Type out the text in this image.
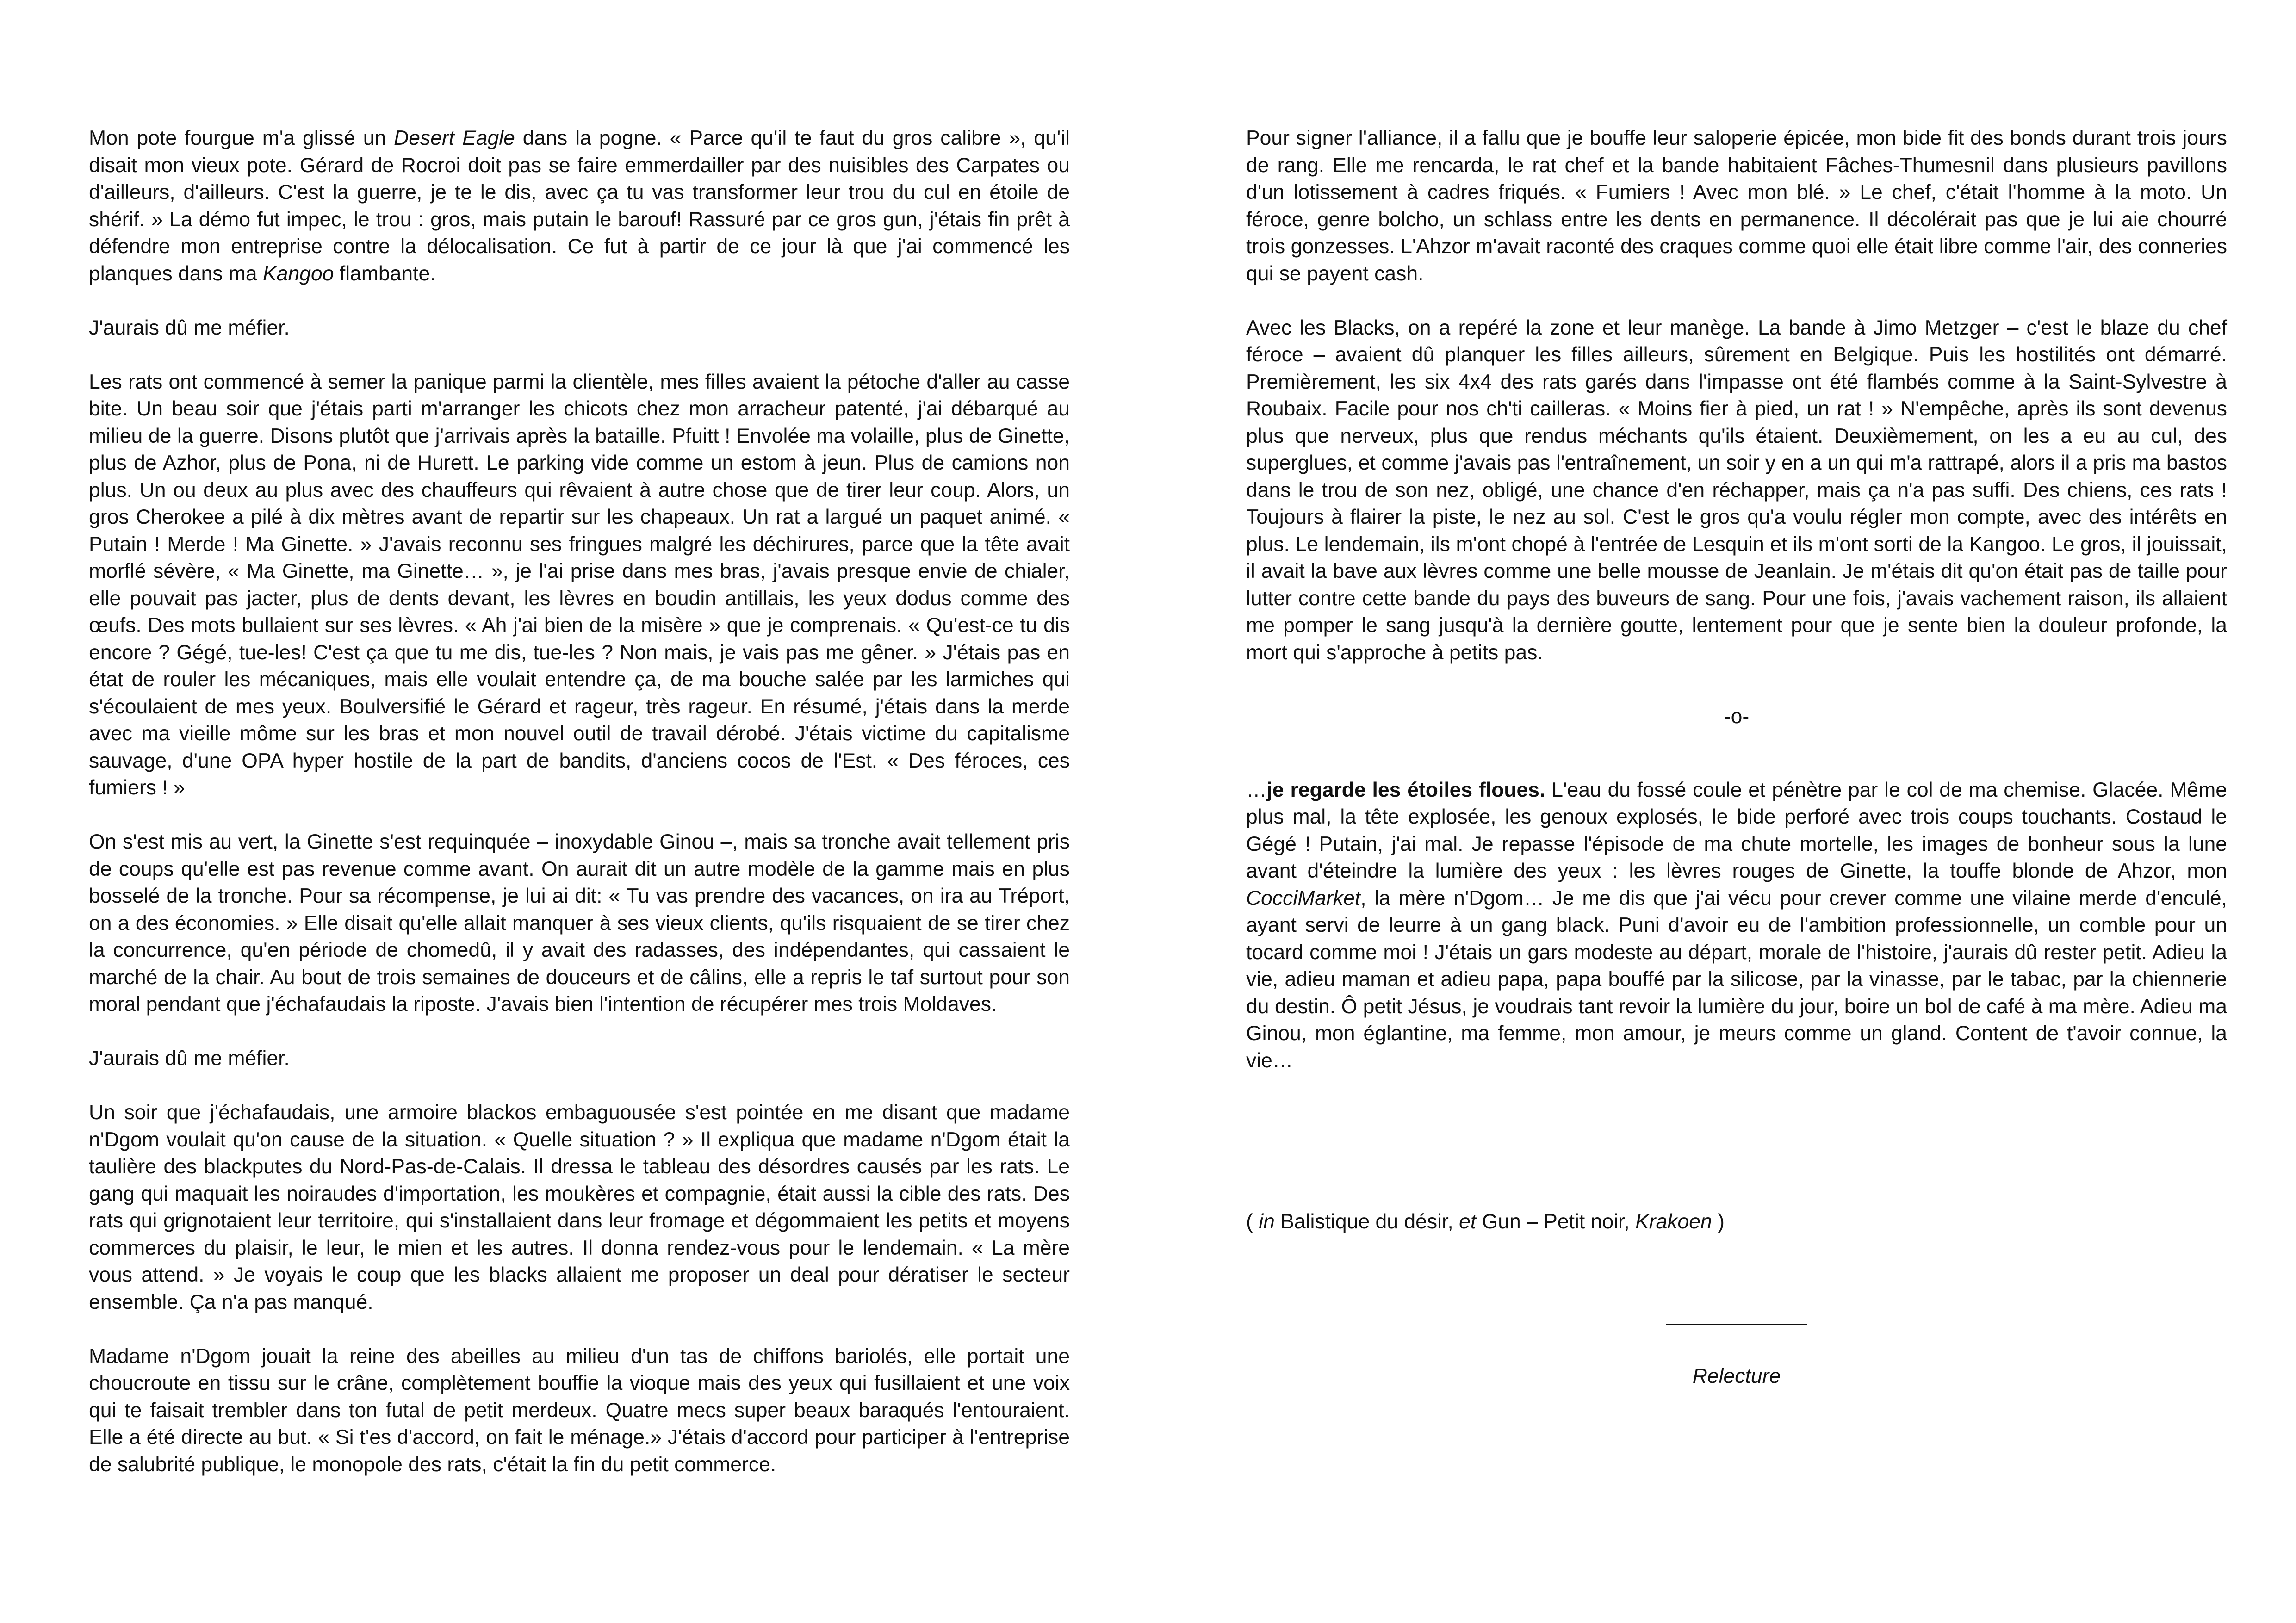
Mon pote fourgue m'a glissé un Desert Eagle dans la pogne. « Parce qu'il te faut du gros calibre », qu'il disait mon vieux pote. Gérard de Rocroi doit pas se faire emmerdailler par des nuisibles des Carpates ou d'ailleurs, d'ailleurs. C'est la guerre, je te le dis, avec ça tu vas transformer leur trou du cul en étoile de shérif. » La démo fut impec, le trou : gros, mais putain le barouf! Rassuré par ce gros gun, j'étais fin prêt à défendre mon entreprise contre la délocalisation. Ce fut à partir de ce jour là que j'ai commencé les planques dans ma Kangoo flambante.

J'aurais dû me méfier.

Les rats ont commencé à semer la panique parmi la clientèle, mes filles avaient la pétoche d'aller au casse bite. Un beau soir que j'étais parti m'arranger les chicots chez mon arracheur patenté, j'ai débarqué au milieu de la guerre. Disons plutôt que j'arrivais après la bataille. Pfuitt ! Envolée ma volaille, plus de Ginette, plus de Azhor, plus de Pona, ni de Hurett. Le parking vide comme un estom à jeun. Plus de camions non plus. Un ou deux au plus avec des chauffeurs qui rêvaient à autre chose que de tirer leur coup. Alors, un gros Cherokee a pilé à dix mètres avant de repartir sur les chapeaux. Un rat a largué un paquet animé. « Putain ! Merde ! Ma Ginette. » J'avais reconnu ses fringues malgré les déchirures, parce que la tête avait morflé sévère, « Ma Ginette, ma Ginette… », je l'ai prise dans mes bras, j'avais presque envie de chialer, elle pouvait pas jacter, plus de dents devant, les lèvres en boudin antillais, les yeux dodus comme des œufs. Des mots bullaient sur ses lèvres. « Ah j'ai bien de la misère » que je comprenais. « Qu'est-ce tu dis encore ? Gégé, tue-les! C'est ça que tu me dis, tue-les ? Non mais, je vais pas me gêner. » J'étais pas en état de rouler les mécaniques, mais elle voulait entendre ça, de ma bouche salée par les larmiches qui s'écoulaient de mes yeux. Boulversifié le Gérard et rageur, très rageur. En résumé, j'étais dans la merde avec ma vieille môme sur les bras et mon nouvel outil de travail dérobé. J'étais victime du capitalisme sauvage, d'une OPA hyper hostile de la part de bandits, d'anciens cocos de l'Est. « Des féroces, ces fumiers ! »

On s'est mis au vert, la Ginette s'est requinquée – inoxydable Ginou –, mais sa tronche avait tellement pris de coups qu'elle est pas revenue comme avant. On aurait dit un autre modèle de la gamme mais en plus bosselé de la tronche. Pour sa récompense, je lui ai dit: « Tu vas prendre des vacances, on ira au Tréport, on a des économies. » Elle disait qu'elle allait manquer à ses vieux clients, qu'ils risquaient de se tirer chez la concurrence, qu'en période de chomedû, il y avait des radasses, des indépendantes, qui cassaient le marché de la chair. Au bout de trois semaines de douceurs et de câlins, elle a repris le taf surtout pour son moral pendant que j'échafaudais la riposte. J'avais bien l'intention de récupérer mes trois Moldaves.

J'aurais dû me méfier.

Un soir que j'échafaudais, une armoire blackos embaguousée s'est pointée en me disant que madame n'Dgom voulait qu'on cause de la situation. « Quelle situation ? » Il expliqua que madame n'Dgom était la taulière des blackputes du Nord-Pas-de-Calais. Il dressa le tableau des désordres causés par les rats. Le gang qui maquait les noiraudes d'importation, les moukères et compagnie, était aussi la cible des rats. Des rats qui grignotaient leur territoire, qui s'installaient dans leur fromage et dégommaient les petits et moyens commerces du plaisir, le leur, le mien et les autres. Il donna rendez-vous pour le lendemain. « La mère vous attend. » Je voyais le coup que les blacks allaient me proposer un deal pour dératiser le secteur ensemble. Ça n'a pas manqué.

Madame n'Dgom jouait la reine des abeilles au milieu d'un tas de chiffons bariolés, elle portait une choucroute en tissu sur le crâne, complètement bouffie la vioque mais des yeux qui fusillaient et une voix qui te faisait trembler dans ton futal de petit merdeux. Quatre mecs super beaux baraqués l'entouraient. Elle a été directe au but. « Si t'es d'accord, on fait le ménage.» J'étais d'accord pour participer à l'entreprise de salubrité publique, le monopole des rats, c'était la fin du petit commerce.

Pour signer l'alliance, il a fallu que je bouffe leur saloperie épicée, mon bide fit des bonds durant trois jours de rang. Elle me rencarda, le rat chef et la bande habitaient Fâches-Thumesnil dans plusieurs pavillons d'un lotissement à cadres friqués. « Fumiers ! Avec mon blé. » Le chef, c'était l'homme à la moto. Un féroce, genre bolcho, un schlass entre les dents en permanence. Il décolérait pas que je lui aie chourré trois gonzesses. L'Ahzor m'avait raconté des craques comme quoi elle était libre comme l'air, des conneries qui se payent cash.

Avec les Blacks, on a repéré la zone et leur manège. La bande à Jimo Metzger – c'est le blaze du chef féroce – avaient dû planquer les filles ailleurs, sûrement en Belgique. Puis les hostilités ont démarré. Premièrement, les six 4x4 des rats garés dans l'impasse ont été flambés comme à la Saint-Sylvestre à Roubaix. Facile pour nos ch'ti cailleras. « Moins fier à pied, un rat ! » N'empêche, après ils sont devenus plus que nerveux, plus que rendus méchants qu'ils étaient. Deuxièmement, on les a eu au cul, des superglues, et comme j'avais pas l'entraînement, un soir y en a un qui m'a rattrapé, alors il a pris ma bastos dans le trou de son nez, obligé, une chance d'en réchapper, mais ça n'a pas suffi. Des chiens, ces rats ! Toujours à flairer la piste, le nez au sol. C'est le gros qu'a voulu régler mon compte, avec des intérêts en plus. Le lendemain, ils m'ont chopé à l'entrée de Lesquin et ils m'ont sorti de la Kangoo. Le gros, il jouissait, il avait la bave aux lèvres comme une belle mousse de Jeanlain. Je m'étais dit qu'on était pas de taille pour lutter contre cette bande du pays des buveurs de sang. Pour une fois, j'avais vachement raison, ils allaient me pomper le sang jusqu'à la dernière goutte, lentement pour que je sente bien la douleur profonde, la mort qui s'approche à petits pas.

-o-

…je regarde les étoiles floues. L'eau du fossé coule et pénètre par le col de ma chemise. Glacée. Même plus mal, la tête explosée, les genoux explosés, le bide perforé avec trois coups touchants. Costaud le Gégé ! Putain, j'ai mal. Je repasse l'épisode de ma chute mortelle, les images de bonheur sous la lune avant d'éteindre la lumière des yeux : les lèvres rouges de Ginette, la touffe blonde de Ahzor, mon CocciMarket, la mère n'Dgom… Je me dis que j'ai vécu pour crever comme une vilaine merde d'enculé, ayant servi de leurre à un gang black. Puni d'avoir eu de l'ambition professionnelle, un comble pour un tocard comme moi ! J'étais un gars modeste au départ, morale de l'histoire, j'aurais dû rester petit. Adieu la vie, adieu maman et adieu papa, papa bouffé par la silicose, par la vinasse, par le tabac, par la chiennerie du destin. Ô petit Jésus, je voudrais tant revoir la lumière du jour, boire un bol de café à ma mère. Adieu ma Ginou, mon églantine, ma femme, mon amour, je meurs comme un gland. Content de t'avoir connue, la vie…

( in Balistique du désir, et Gun – Petit noir, Krakoen )

Relecture
